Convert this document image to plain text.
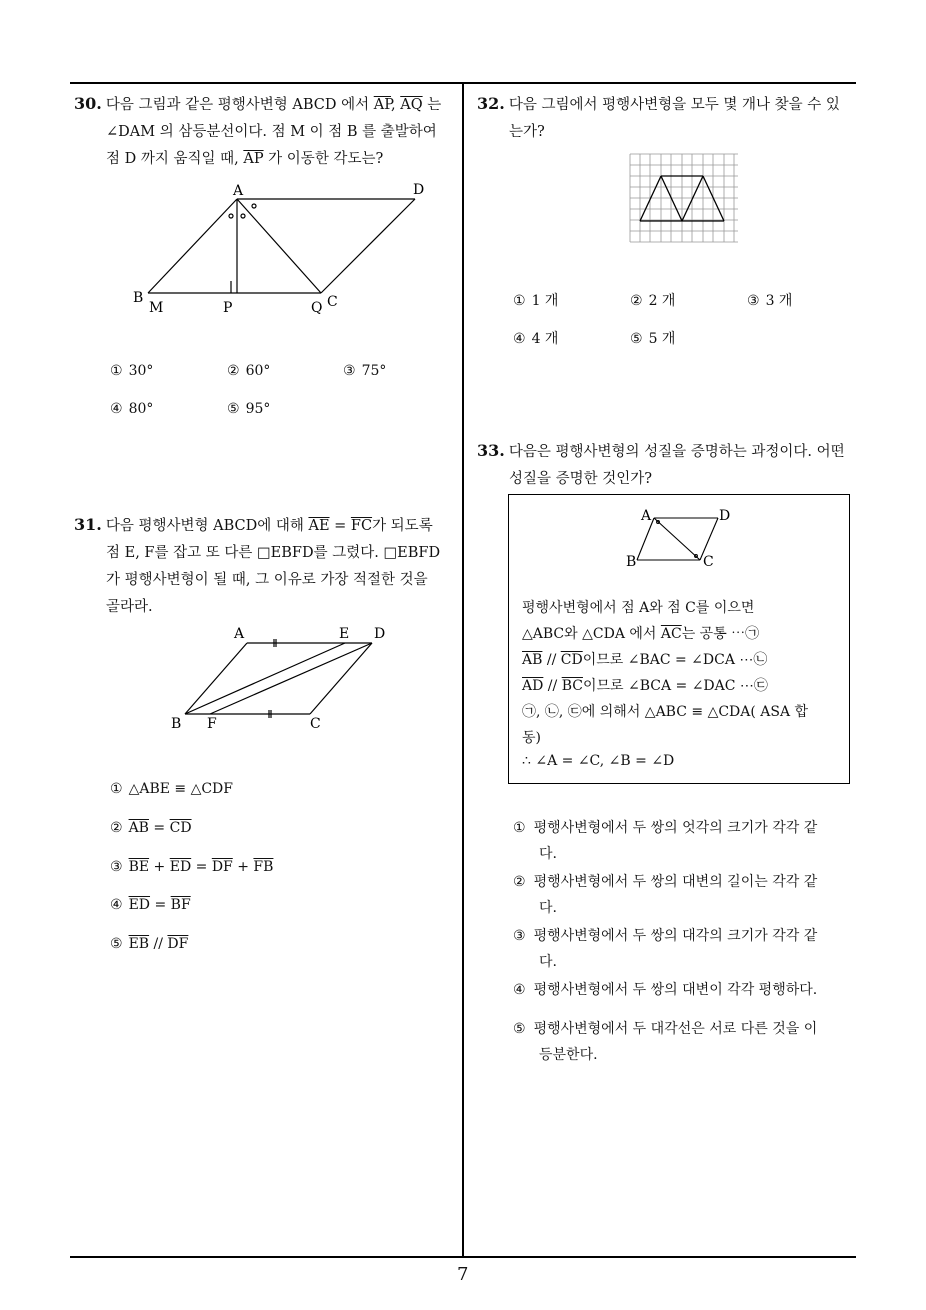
30. 다음 그림과 같은 평행사변형 ABCD 에서 $\overline{AP}$, $\overline{AQ}$ 는
∠DAM 의 삼등분선이다. 점 M 이 점 B 를 출발하여
점 D 까지 움직일 때, $\overline{AP}$ 가 이동한 각도는?
A	D
B
M	P	Q C
① 30°	② 60°	③ 75°
④ 80°	⑤ 95°
31. 다음 평행사변형 ABCD에 대해 $\overline{AE} = \overline{FC}$가 되도록
점 E, F를 잡고 또 다른 □EBFD를 그렸다. □EBFD
가 평행사변형이 될 때, 그 이유로 가장 적절한 것을
골라라.
A	E D
B F	C
① △ABE ≡ △CDF
② $\overline{AB} = \overline{CD}$
③ $\overline{BE} + \overline{ED} = \overline{DF} + \overline{FB}$
④ $\overline{ED} = \overline{BF}$
⑤ $\overline{EB} // \overline{DF}$
32. 다음 그림에서 평행사변형을 모두 몇 개나 찾을 수 있
는가?
① 1 개	② 2 개	③ 3 개
④ 4 개	⑤ 5 개
33. 다음은 평행사변형의 성질을 증명하는 과정이다. 어떤
성질을 증명한 것인가?
A	D
B	C
평행사변형에서 점 A와 점 C를 이으면
△ABC와 △CDA 에서 $\overline{AC}$는 공통 ⋯㉠
$\overline{AB} // \overline{CD}$이므로 ∠BAC = ∠DCA ⋯㉡
$\overline{AD} // \overline{BC}$이므로 ∠BCA = ∠DAC ⋯㉢
㉠, ㉡, ㉢에 의해서 △ABC ≡ △CDA( ASA 합
동)
∴ ∠A = ∠C, ∠B = ∠D
① 평행사변형에서 두 쌍의 엇각의 크기가 각각 같
다.
② 평행사변형에서 두 쌍의 대변의 길이는 각각 같
다.
③ 평행사변형에서 두 쌍의 대각의 크기가 각각 같
다.
④ 평행사변형에서 두 쌍의 대변이 각각 평행하다.
⑤ 평행사변형에서 두 대각선은 서로 다른 것을 이
등분한다.
7
